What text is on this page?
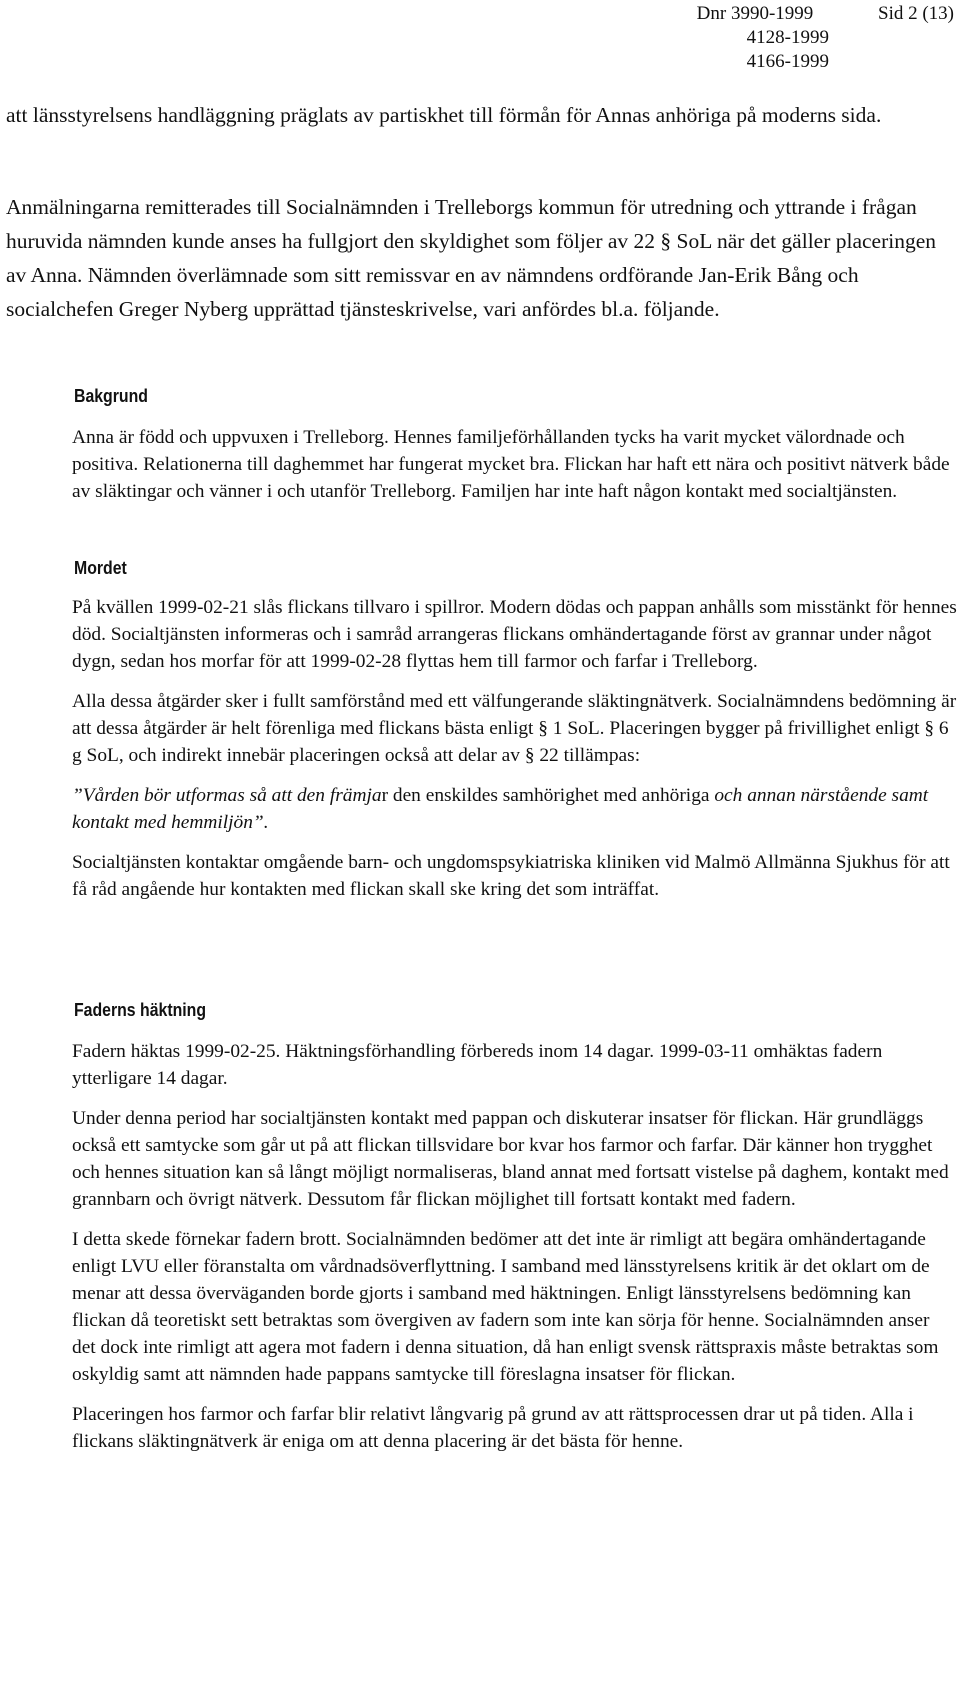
Dnr 3990-1999
4128-1999
4166-1999
Sid 2 (13)

att länsstyrelsens handläggning präglats av partiskhet till förmån för Annas anhöriga på moderns sida.

Anmälningarna remitterades till Socialnämnden i Trelleborgs kommun för utredning och yttrande i frågan huruvida nämnden kunde anses ha fullgjort den skyldighet som följer av 22 § SoL när det gäller placeringen av Anna. Nämnden överlämnade som sitt remissvar en av nämndens ordförande Jan-Erik Bång och socialchefen Greger Nyberg upprättad tjänsteskrivelse, vari anfördes bl.a. följande.

Bakgrund

Anna är född och uppvuxen i Trelleborg. Hennes familjeförhållanden tycks ha varit mycket välordnade och positiva. Relationerna till daghemmet har fungerat mycket bra. Flickan har haft ett nära och positivt nätverk både av släktingar och vänner i och utanför Trelleborg. Familjen har inte haft någon kontakt med socialtjänsten.

Mordet

På kvällen 1999-02-21 slås flickans tillvaro i spillror. Modern dödas och pappan anhålls som misstänkt för hennes död. Socialtjänsten informeras och i samråd arrangeras flickans omhändertagande först av grannar under något dygn, sedan hos morfar för att 1999-02-28 flyttas hem till farmor och farfar i Trelleborg.

Alla dessa åtgärder sker i fullt samförstånd med ett välfungerande släktingnätverk. Socialnämndens bedömning är att dessa åtgärder är helt förenliga med flickans bästa enligt § 1 SoL. Placeringen bygger på frivillighet enligt § 6 g SoL, och indirekt innebär placeringen också att delar av § 22 tillämpas:

”Vården bör utformas så att den främjar den enskildes samhörighet med anhöriga och annan närstående samt kontakt med hemmiljön”.

Socialtjänsten kontaktar omgående barn- och ungdomspsykiatriska kliniken vid Malmö Allmänna Sjukhus för att få råd angående hur kontakten med flickan skall ske kring det som inträffat.

Faderns häktning

Fadern häktas 1999-02-25. Häktningsförhandling förbereds inom 14 dagar. 1999-03-11 omhäktas fadern ytterligare 14 dagar.

Under denna period har socialtjänsten kontakt med pappan och diskuterar insatser för flickan. Här grundläggs också ett samtycke som går ut på att flickan tillsvidare bor kvar hos farmor och farfar. Där känner hon trygghet och hennes situation kan så långt möjligt normaliseras, bland annat med fortsatt vistelse på daghem, kontakt med grannbarn och övrigt nätverk. Dessutom får flickan möjlighet till fortsatt kontakt med fadern.

I detta skede förnekar fadern brott. Socialnämnden bedömer att det inte är rimligt att begära omhändertagande enligt LVU eller föranstalta om vårdnadsöverflyttning. I samband med länsstyrelsens kritik är det oklart om de menar att dessa överväganden borde gjorts i samband med häktningen. Enligt länsstyrelsens bedömning kan flickan då teoretiskt sett betraktas som övergiven av fadern som inte kan sörja för henne. Socialnämnden anser det dock inte rimligt att agera mot fadern i denna situation, då han enligt svensk rättspraxis måste betraktas som oskyldig samt att nämnden hade pappans samtycke till föreslagna insatser för flickan.

Placeringen hos farmor och farfar blir relativt långvarig på grund av att rättsprocessen drar ut på tiden. Alla i flickans släktingnätverk är eniga om att denna placering är det bästa för henne.
